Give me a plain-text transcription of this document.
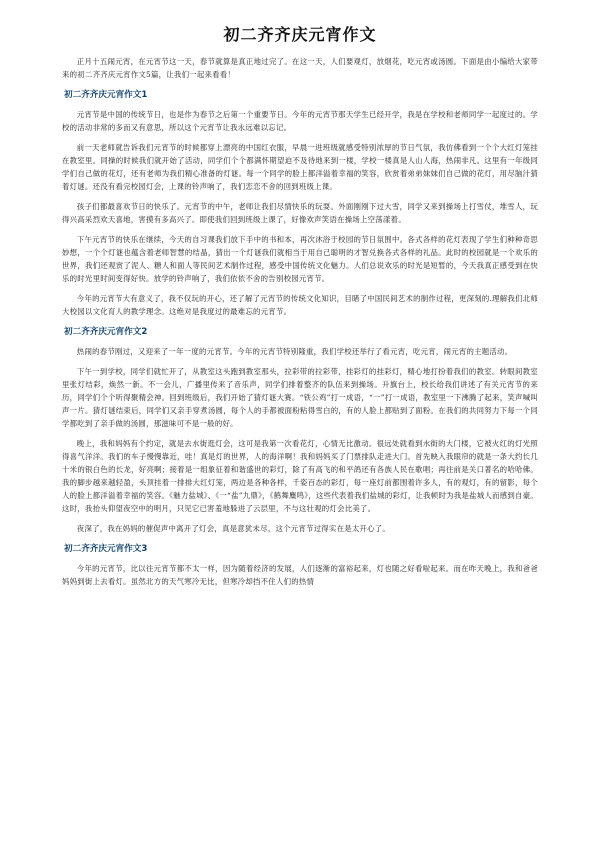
初二齐齐庆元宵作文

正月十五闹元宵，在元宵节这一天，春节就算是真正地过完了。在这一天，人们要观灯，放烟花，吃元宵或汤圆。下面是由小编给大家带来的初二齐齐庆元宵作文5篇，让我们一起来看看！

初二齐齐庆元宵作文1

元宵节是中国的传统节日，也是作为春节之后第一个重要节日。今年的元宵节那天学生已经开学，我是在学校和老师同学一起度过的。学校的活动非常的多而又有意思，所以这个元宵节让我永远难以忘记。

前一天老师就告诉我们元宵节的时候都穿上漂亮的中国红衣服，早晨一进班级就感受特别浓厚的节日气氛，我仿佛看到一个个大红灯笼挂在教室里。同操的时候我们就开始了活动，同学们个个都满怀期望迫不及待地来到一楼，学校一楼真是人山人海，热闹非凡。这里有一年级同学们自己做的花灯，还有老师为我们精心准备的灯谜。每一个同学的脸上都洋溢着幸福的笑容，欣赏着弟弟妹妹们自己做的花灯，用尽脑汁猜着灯谜。还没有看完校园灯会，上课的铃声响了，我们恋恋不舍的回到班级上课。

孩子们都最喜欢节日的快乐了。元宵节的中午，老师让我们尽情快乐的玩耍。外面刚刚下过大雪，同学又来到操场上打雪仗，堆雪人，玩得兴高采烈欢天喜地，害摸有多高兴了。即使我们回到班级上课了，好像欢声笑语在操场上空荡漾着。

下午元宵节的快乐在继续，今天的自习课我们放下手中的书和本，再次沐浴于校园的节日氛围中。各式各样的花灯表现了学生们种种奇思妙想，一个个灯谜也蕴含着老师智慧的结晶，猜出一个灯谜我们就相当于用自己聪明的才智兑换各式各样的礼品。此时的校园就是一个欢乐的世界，我们还观赏了泥人、糖人和面人等民间艺术制作过程，感受中国传统文化魅力。人们总说欢乐的时光是短暂的，今天我真正感受到在快乐的时光里时间变得好快。放学的铃声响了，我们依依不舍的告别校园元宵节。

今年的元宵节大有意义了，我不仅玩的开心，还了解了元宵节的传统文化知识，目睹了中国民间艺术的制作过程，更深刻的.理解我们北师大校园以文化育人的教学理念。这绝对是我度过的最难忘的元宵节。

初二齐齐庆元宵作文2

热闹的春节刚过，又迎来了一年一度的元宵节。今年的元宵节特别隆重，我们学校还举行了看元宵，吃元宵，闹元宵的主题活动。

下午一到学校，同学们就忙开了，从教室这头跑到教室那头，拉彩带的拉彩带，挂彩灯的挂彩灯，精心地打扮着我们的教室。转眼间教室里张灯结彩，焕然一新。不一会儿，广播里传来了音乐声，同学们排着整齐的队伍来到操场。升旗台上，校长给我们讲述了有关元宵节的来历，同学们个个听得聚精会神。回到班级后，我们开始了猜灯谜大赛。“铁公鸡”打一成语，“一”打一成语，教室里一下沸腾了起来，笑声喊叫声一片。猜灯谜结束后，同学们又亲手穿煮汤圆，每个人的手都被面粉粘得雪白的，有的人脸上都贴到了面粉。在我们的共同努力下每一个同学都吃到了亲手做的汤圆，那滋味可不是一般的好。

晚上，我和妈妈有个约定，就是去水街逛灯会，这可是我第一次看花灯，心情无比激动。很远处就看到水街的大门楼，它被火红的灯光照得喜气洋洋。我们的车子慢慢靠近，哇！真是灯的世界，人的海洋啊！我和妈妈买了门票排队走进大门。首先映入我眼帘的就是一条大约长几十米的银白色的长龙，好亮啊；接着是一组象征着和谐盛世的彩灯，除了有高飞的和平鸽还有各族人民在歌唱；再往前是关口著名的哈哈佛。我的脚步越来越轻盈，头顶挂着一排排大红灯笼，两边是各种各样，千姿百态的彩灯，每一座灯前都围着许多人，有的观灯，有的留影，每个人的脸上都洋溢着幸福的笑容。《魅力盐城》、《一“盐”九鼎》，《鹤舞麋鸣》，这些代表着我们盐城的彩灯，让我顿时为我是盐城人而感到自豪。这时，我抬头仰望夜空中的明月，只见它已害羞地躲进了云层里，不与这壮观的灯会比美了。

夜深了，我在妈妈的催促声中离开了灯会，真是意犹未尽，这个元宵节过得实在是太开心了。

初二齐齐庆元宵作文3

今年的元宵节，比以往元宵节都不太一样，因为随着经济的发展，人们逐渐的富裕起来，灯也随之好看啦起来。而在昨天晚上，我和爸爸妈妈到街上去看灯。虽然北方的天气寒冷无比，但寒冷却挡不住人们的热情
